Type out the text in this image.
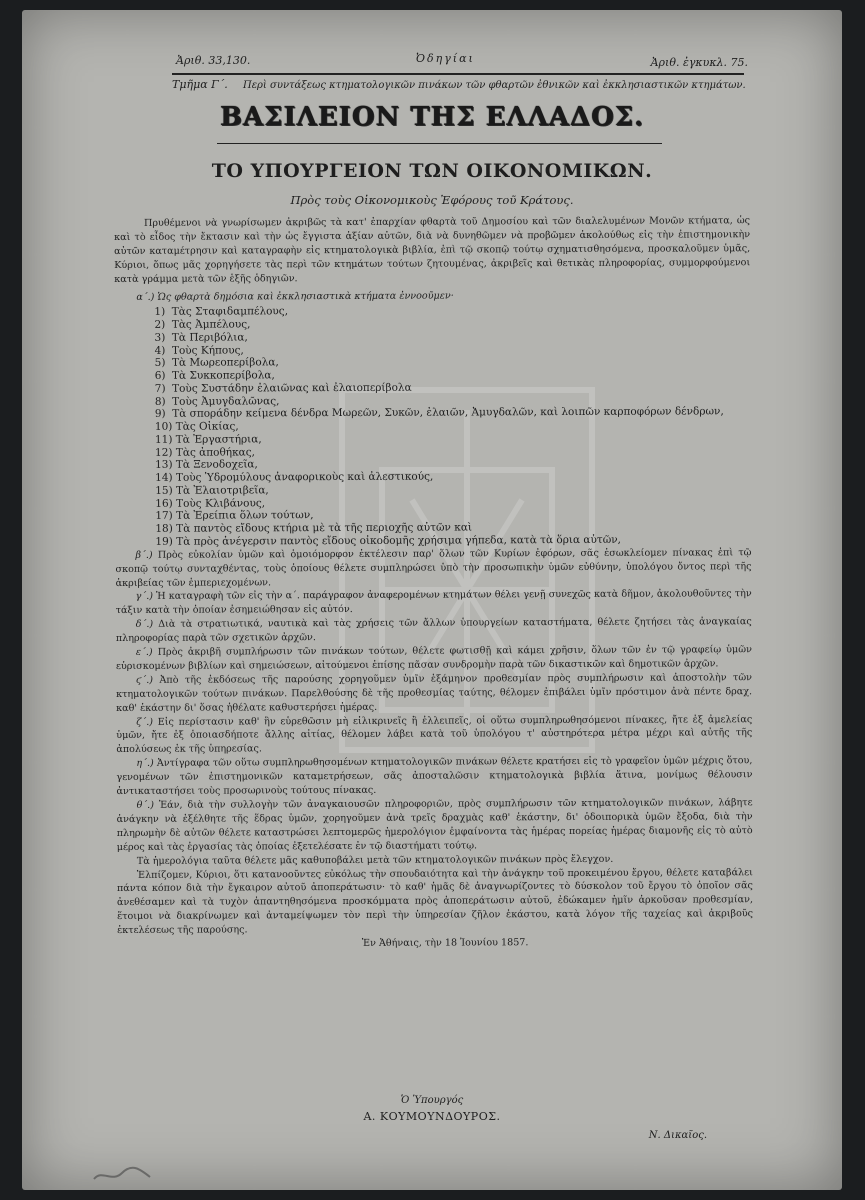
Ἀριθ. 33,130.	Ὀδηγίαι	Ἀριθ. ἐγκυκλ. 75.
Τμῆμα Γ΄. Περὶ συντάξεως κτηματολογικῶν πινάκων τῶν φθαρτῶν ἐθνικῶν καὶ ἐκκλησιαστικῶν κτημάτων.
ΒΑΣΙΛΕΙΟΝ ΤΗΣ ΕΛΛΑΔΟΣ.
ΤΟ ΥΠΟΥΡΓΕΙΟΝ ΤΩΝ ΟΙΚΟΝΟΜΙΚΩΝ.
Πρὸς τοὺς Οἰκονομικοὺς Ἐφόρους τοῦ Κράτους.

Πρυθέμενοι νὰ γνωρίσωμεν ἀκριβῶς τὰ κατ' ἐπαρχίαν φθαρτὰ τοῦ Δημοσίου καὶ τῶν διαλελυμένων Μονῶν κτήματα, ὡς καὶ τὸ εἶδος τὴν ἔκτασιν καὶ τὴν ὡς ἔγγιστα ἀξίαν αὐτῶν, διὰ νὰ δυνηθῶμεν νὰ προβῶμεν ἀκολούθως εἰς τὴν ἐπιστημονικὴν αὐτῶν καταμέτρησιν καὶ καταγραφὴν εἰς κτηματολογικὰ βιβλία, ἐπὶ τῷ σκοπῷ τούτῳ σχηματισθησόμενα, προσκαλοῦμεν ὑμᾶς, Κύριοι, ὅπως μᾶς χορηγήσετε τὰς περὶ τῶν κτημάτων τούτων ζητουμένας, ἀκριβεῖς καὶ θετικὰς πληροφορίας, συμμορφούμενοι κατὰ γράμμα μετὰ τῶν ἑξῆς ὁδηγιῶν.

α΄.) Ὡς φθαρτὰ δημόσια καὶ ἐκκλησιαστικὰ κτήματα ἐννοοῦμεν·

1) Τὰς Σταφιδαμπέλους,
2) Τὰς Ἀμπέλους,
3) Τὰ Περιβόλια,
4) Τοὺς Κήπους,
5) Τὰ Μωρεοπερίβολα,
6) Τὰ Συκκοπερίβολα,
7) Τοὺς Συστάδην ἐλαιῶνας καὶ ἐλαιοπερίβολα
8) Τοὺς Ἀμυγδαλῶνας,
9) Τὰ σποράδην κείμενα δένδρα Μωρεῶν, Συκῶν, ἐλαιῶν, Ἀμυγδαλῶν, καὶ λοιπῶν καρποφόρων δένδρων,
10) Τὰς Οἰκίας,
11) Τὰ Ἐργαστήρια,
12) Τὰς ἀποθήκας,
13) Τὰ Ξενοδοχεῖα,
14) Τοὺς Ὑδρομύλους ἀναφορικοὺς καὶ ἀλεστικούς,
15) Τὰ Ἐλαιοτριβεῖα,
16) Τοὺς Κλιβάνους,
17) Τὰ Ἐρείπια ὅλων τούτων,
18) Τὰ παντὸς εἴδους κτήρια μὲ τὰ τῆς περιοχῆς αὐτῶν καὶ
19) Τὰ πρὸς ἀνέγερσιν παντὸς εἴδους οἰκοδομῆς χρήσιμα γήπεδα, κατὰ τὰ ὅρια αὐτῶν,

β΄.) Πρὸς εὐκολίαν ὑμῶν καὶ ὁμοιόμορφον ἐκτέλεσιν παρ' ὅλων τῶν Κυρίων ἐφόρων, σᾶς ἐσωκλείομεν πίνακας ἐπὶ τῷ σκοπῷ τούτῳ συνταχθέντας, τοὺς ὁποίους θέλετε συμπληρώσει ὑπὸ τὴν προσωπικὴν ὑμῶν εὐθύνην, ὑπολόγου ὄντος περὶ τῆς ἀκριβείας τῶν ἐμπεριεχομένων.

γ΄.) Ἡ καταγραφὴ τῶν εἰς τὴν α΄. παράγραφον ἀναφερομένων κτημάτων θέλει γενῇ συνεχῶς κατὰ δῆμον, ἀκολουθοῦντες τὴν τάξιν κατὰ τὴν ὁποίαν ἐσημειώθησαν εἰς αὐτόν.

δ΄.) Διὰ τὰ στρατιωτικά, ναυτικὰ καὶ τὰς χρήσεις τῶν ἄλλων ὑπουργείων καταστήματα, θέλετε ζητήσει τὰς ἀναγκαίας πληροφορίας παρὰ τῶν σχετικῶν ἀρχῶν.

ε΄.) Πρὸς ἀκριβῆ συμπλήρωσιν τῶν πινάκων τούτων, θέλετε φωτισθῇ καὶ κάμει χρῆσιν, ὅλων τῶν ἐν τῷ γραφείῳ ὑμῶν εὑρισκομένων βιβλίων καὶ σημειώσεων, αἰτούμενοι ἐπίσης πᾶσαν συνδρομὴν παρὰ τῶν δικαστικῶν καὶ δημοτικῶν ἀρχῶν.

ϛ΄.) Ἀπὸ τῆς ἐκδόσεως τῆς παρούσης χορηγοῦμεν ὑμῖν ἑξάμηνον προθεσμίαν πρὸς συμπλήρωσιν καὶ ἀποστολὴν τῶν κτηματολογικῶν τούτων πινάκων. Παρελθούσης δὲ τῆς προθεσμίας ταύτης, θέλομεν ἐπιβάλει ὑμῖν πρόστιμον ἀνὰ πέντε δραχ. καθ' ἑκάστην δι' ὅσας ἠθέλατε καθυστερήσει ἡμέρας.

ζ΄.) Εἰς περίστασιν καθ' ἣν εὑρεθῶσιν μὴ εἰλικρινεῖς ἢ ἐλλειπεῖς, οἱ οὕτω συμπληρωθησόμενοι πίνακες, ἤτε ἐξ ἀμελείας ὑμῶν, ἤτε ἐξ ὁποιασδήποτε ἄλλης αἰτίας, θέλομεν λάβει κατὰ τοῦ ὑπολόγου τ' αὐστηρότερα μέτρα μέχρι καὶ αὐτῆς τῆς ἀπολύσεως ἐκ τῆς ὑπηρεσίας.

η΄.) Ἀντίγραφα τῶν οὕτω συμπληρωθησομένων κτηματολογικῶν πινάκων θέλετε κρατήσει εἰς τὸ γραφεῖον ὑμῶν μέχρις ὅτου, γενομένων τῶν ἐπιστημονικῶν καταμετρήσεων, σᾶς ἀποσταλῶσιν κτηματολογικὰ βιβλία ἅτινα, μονίμως θέλουσιν ἀντικαταστήσει τοὺς προσωρινοὺς τούτους πίνακας.

θ΄.) Ἐάν, διὰ τὴν συλλογὴν τῶν ἀναγκαιουσῶν πληροφοριῶν, πρὸς συμπλήρωσιν τῶν κτηματολογικῶν πινάκων, λάβητε ἀνάγκην νὰ ἐξέλθητε τῆς ἕδρας ὑμῶν, χορηγοῦμεν ἀνὰ τρεῖς δραχμὰς καθ' ἑκάστην, δι' ὁδοιπορικὰ ὑμῶν ἔξοδα, διὰ τὴν πληρωμὴν δὲ αὐτῶν θέλετε καταστρώσει λεπτομερῶς ἡμερολόγιον ἐμφαίνοντα τὰς ἡμέρας πορείας ἡμέρας διαμονῆς εἰς τὸ αὐτὸ μέρος καὶ τὰς ἐργασίας τὰς ὁποίας ἐξετελέσατε ἐν τῷ διαστήματι τούτῳ.

Τὰ ἡμερολόγια ταῦτα θέλετε μᾶς καθυποβάλει μετὰ τῶν κτηματολογικῶν πινάκων πρὸς ἔλεγχον.

Ἐλπίζομεν, Κύριοι, ὅτι κατανοοῦντες εὐκόλως τὴν σπουδαιότητα καὶ τὴν ἀνάγκην τοῦ προκειμένου ἔργου, θέλετε καταβάλει πάντα κόπον διὰ τὴν ἔγκαιρον αὐτοῦ ἀποπεράτωσιν· τὸ καθ' ἡμᾶς δὲ ἀναγνωρίζοντες τὸ δύσκολον τοῦ ἔργου τὸ ὁποῖον σᾶς ἀνεθέσαμεν καὶ τὰ τυχὸν ἀπαντηθησόμενα προσκόμματα πρὸς ἀποπεράτωσιν αὐτοῦ, ἐδώκαμεν ἡμῖν ἀρκοῦσαν προθεσμίαν, ἕτοιμοι νὰ διακρίνωμεν καὶ ἀνταμείψωμεν τὸν περὶ τὴν ὑπηρεσίαν ζῆλον ἑκάστου, κατὰ λόγον τῆς ταχείας καὶ ἀκριβοῦς ἐκτελέσεως τῆς παρούσης.

Ἐν Ἀθήναις, τὴν 18 Ἰουνίου 1857.

Ὁ Ὑπουργός
Α. ΚΟΥΜΟΥΝΔΟΥΡΟΣ.
Ν. Δικαῖος.
